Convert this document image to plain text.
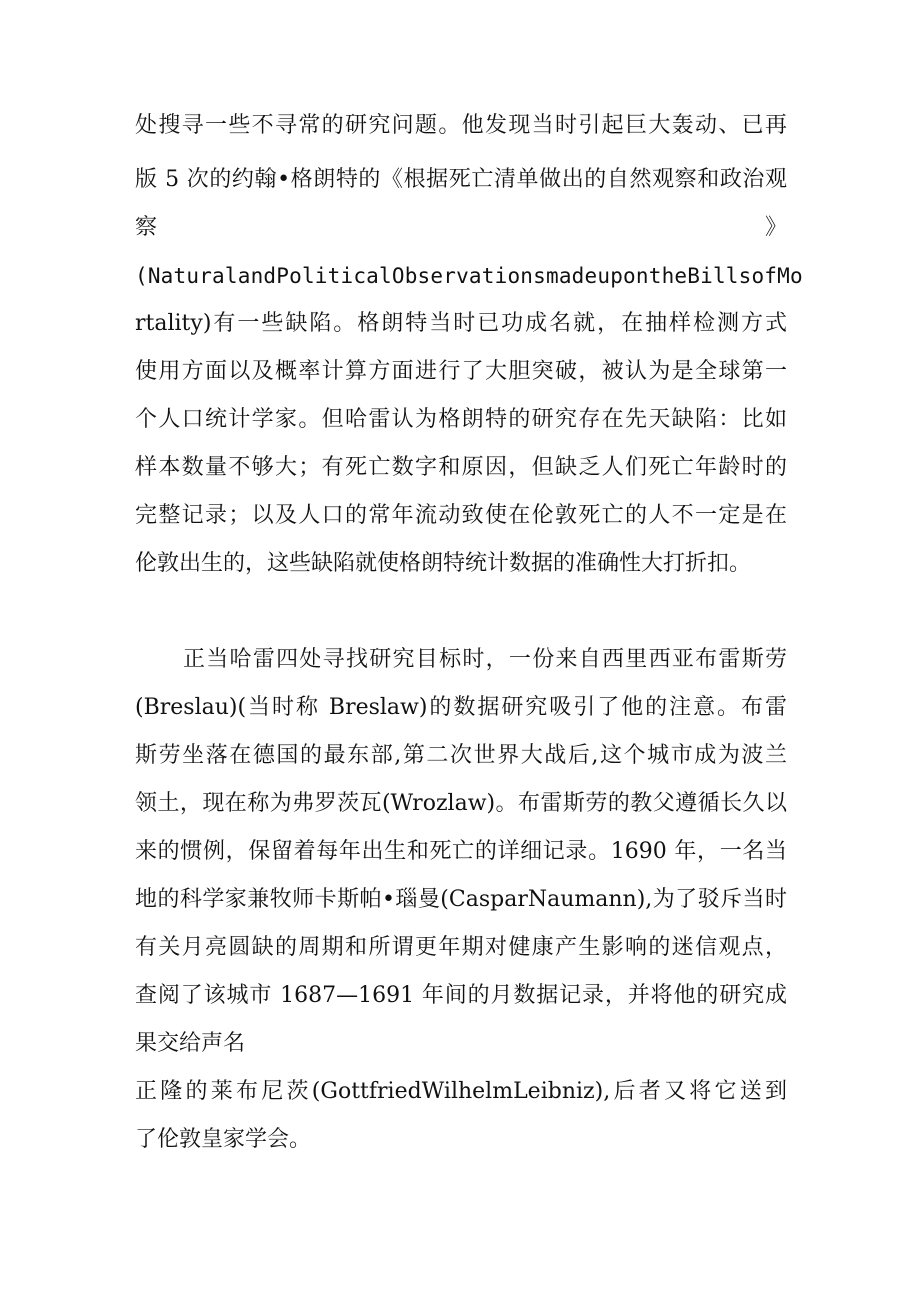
处搜寻一些不寻常的研究问题。他发现当时引起巨大轰动、已再
版 5 次的约翰•格朗特的《根据死亡清单做出的自然观察和政治观
察	》
(NaturalandPoliticalObservationsmadeupontheBillsofMo
rtality)有一些缺陷。格朗特当时已功成名就，在抽样检测方式
使用方面以及概率计算方面进行了大胆突破，被认为是全球第一
个人口统计学家。但哈雷认为格朗特的研究存在先天缺陷：比如
样本数量不够大；有死亡数字和原因，但缺乏人们死亡年龄时的
完整记录；以及人口的常年流动致使在伦敦死亡的人不一定是在
伦敦出生的，这些缺陷就使格朗特统计数据的准确性大打折扣。
正当哈雷四处寻找研究目标时，一份来自西里西亚布雷斯劳
(Breslau)(当时称 Breslaw)的数据研究吸引了他的注意。布雷
斯劳坐落在德国的最东部,第二次世界大战后,这个城市成为波兰
领土，现在称为弗罗茨瓦(Wrozlaw)。布雷斯劳的教父遵循长久以
来的惯例，保留着每年出生和死亡的详细记录。1690 年，一名当
地的科学家兼牧师卡斯帕•瑙曼(CasparNaumann),为了驳斥当时
有关月亮圆缺的周期和所谓更年期对健康产生影响的迷信观点，
查阅了该城市 1687—1691 年间的月数据记录，并将他的研究成
果交给声名
正隆的莱布尼茨(GottfriedWilhelmLeibniz),后者又将它送到
了伦敦皇家学会。
